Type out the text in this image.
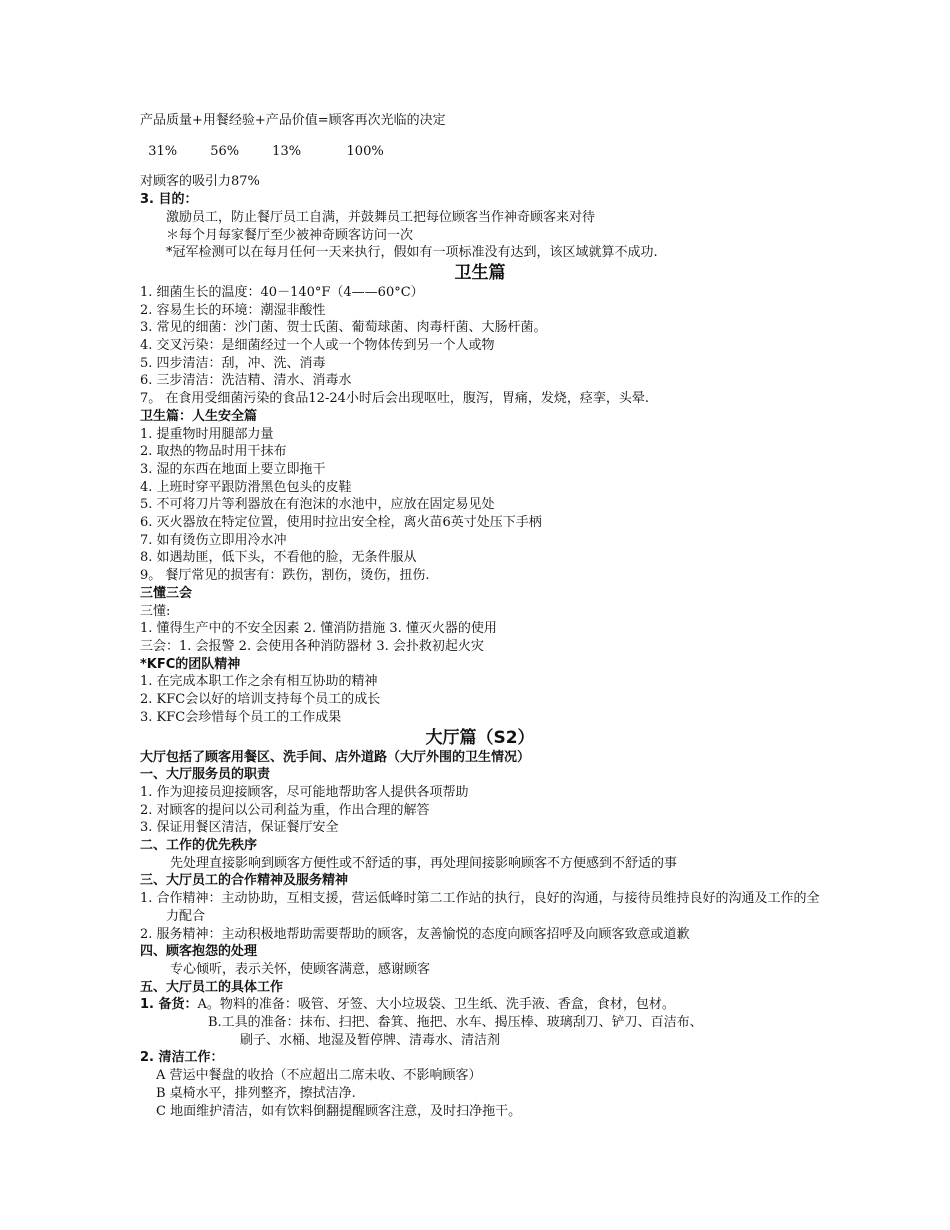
产品质量+用餐经验+产品价值=顾客再次光临的决定

31%        56%        13%           100%

对顾客的吸引力87%

3. 目的：

激励员工，防止餐厅员工自满，并鼓舞员工把每位顾客当作神奇顾客来对待

＊每个月每家餐厅至少被神奇顾客访问一次

*冠军检测可以在每月任何一天来执行，假如有一项标准没有达到，该区域就算不成功.

卫生篇

1. 细菌生长的温度：40－140°F（4——60°C）

2. 容易生长的环境：潮湿非酸性

3. 常见的细菌：沙门菌、贺士氏菌、葡萄球菌、肉毒杆菌、大肠杆菌。

4. 交叉污染：是细菌经过一个人或一个物体传到另一个人或物

5. 四步清洁：刮，冲、洗、消毒

6. 三步清洁：洗洁精、清水、消毒水

7。 在食用受细菌污染的食品12-24小时后会出现呕吐，腹泻，胃痛，发烧，痉挛，头晕.

卫生篇：人生安全篇

1. 提重物时用腿部力量

2. 取热的物品时用干抹布

3. 湿的东西在地面上要立即拖干

4. 上班时穿平跟防滑黑色包头的皮鞋

5. 不可将刀片等利器放在有泡沫的水池中，应放在固定易见处

6. 灭火器放在特定位置，使用时拉出安全栓，离火苗6英寸处压下手柄

7. 如有烫伤立即用冷水冲

8. 如遇劫匪，低下头，不看他的脸，无条件服从

9。 餐厅常见的损害有：跌伤，割伤，烫伤，扭伤.

三懂三会

三懂:

1. 懂得生产中的不安全因素 2. 懂消防措施 3. 懂灭火器的使用

三会：1. 会报警 2. 会使用各种消防器材 3. 会扑救初起火灾

*KFC的团队精神

1. 在完成本职工作之余有相互协助的精神

2. KFC会以好的培训支持每个员工的成长

3. KFC会珍惜每个员工的工作成果

大厅篇（S2）

大厅包括了顾客用餐区、洗手间、店外道路（大厅外围的卫生情况）

一、大厅服务员的职责

1. 作为迎接员迎接顾客，尽可能地帮助客人提供各项帮助

2. 对顾客的提问以公司利益为重，作出合理的解答

3. 保证用餐区清洁，保证餐厅安全

二、工作的优先秩序

先处理直接影响到顾客方便性或不舒适的事，再处理间接影响顾客不方便感到不舒适的事

三、大厅员工的合作精神及服务精神

1. 合作精神：主动协助，互相支援，营运低峰时第二工作站的执行，良好的沟通，与接待员维持良好的沟通及工作的全力配合

2. 服务精神：主动积极地帮助需要帮助的顾客，友善愉悦的态度向顾客招呼及向顾客致意或道歉

四、顾客抱怨的处理

专心倾听，表示关怀，使顾客满意，感谢顾客

五、大厅员工的具体工作

1. 备货：A。物料的准备：吸管、牙签、大小垃圾袋、卫生纸、洗手液、香盒，食材，包材。

B.工具的准备：抹布、扫把、畚箕、拖把、水车、揭压棒、玻璃刮刀、铲刀、百洁布、

刷子、水桶、地湿及暂停牌、清毒水、清洁剂

2. 清洁工作：

A 营运中餐盘的收拾（不应超出二席未收、不影响顾客）

B 桌椅水平，排列整齐，擦拭洁净.

C 地面维护清洁，如有饮料倒翻提醒顾客注意，及时扫净拖干。
